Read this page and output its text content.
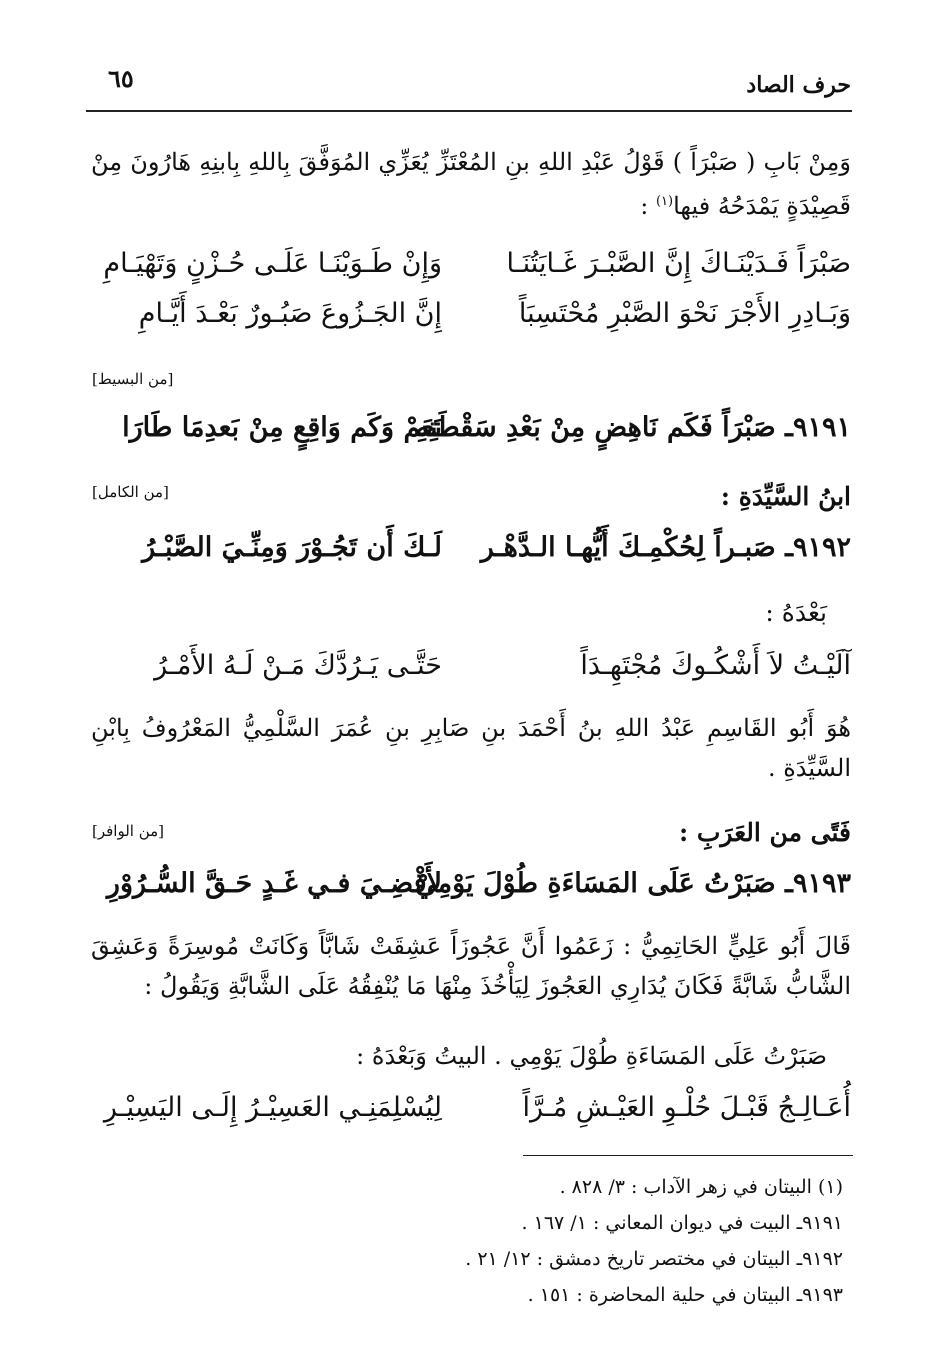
حرف الصاد
٦٥
وَمِنْ بَابِ ( صَبْرَاً ) قَوْلُ عَبْدِ اللهِ بنِ المُعْتَزِّ يُعَزِّي المُوَفَّقَ بِاللهِ بِابنِهِ هَارُونَ مِنْ قَصِيْدَةٍ يَمْدَحُهُ فيها$^{(١)}$ :
صَبْرَاً فَـدَيْنَـاكَ إِنَّ الصَّبْـرَ غَـايَتُنَـا
وَإِنْ طَـوَيْنَـا عَلَـى حُـزْنٍ وَتَهْيَـامِ
وَبَـادِرِ الأَجْرَ نَحْوَ الصَّبْرِ مُحْتَسِبَاً
إِنَّ الجَـزُوعَ صَبُـورٌ بَعْـدَ أَيَّـامِ
[من البسيط]
٩١٩١ـ صَبْرَاً فَكَم نَاهِضٍ مِنْ بَعْدِ سَقْطَتِهِ
نَعَمْ وَكَم وَاقِعٍ مِنْ بَعدِمَا طَارَا
ابنُ السَّيِّدَةِ :
[من الكامل]
٩١٩٢ـ صَبـراً لِحُكْمِـكَ أَيُّهـا الـدَّهْـر
لَـكَ أَن تَجُـوْرَ وَمِنِّـيَ الصَّبْـرُ
بَعْدَهُ :
آلَيْـتُ لاَ أَشْكُـوكَ مُجْتَهِـدَاً
حَتَّـى يَـرُدَّكَ مَـنْ لَـهُ الأَمْـرُ
هُوَ أَبُو القَاسِمِ عَبْدُ اللهِ بنُ أَحْمَدَ بنِ صَابِرِ بنِ عُمَرَ السَّلْمِيُّ المَعْرُوفُ بِابْنِ السَّيِّدَةِ .
فَتًى من العَرَبِ :
[من الوافر]
٩١٩٣ـ صَبَرْتُ عَلَى المَسَاءَةِ طُوْلَ يَوْمِيْ
لأَقْضِـيَ فـي غَـدٍ حَـقَّ السُّـرُوْرِ
قَالَ أَبُو عَلِيٍّ الحَاتِمِيُّ : زَعَمُوا أَنَّ عَجُوزَاً عَشِقَتْ شَابَّاً وَكَانَتْ مُوسِرَةً وَعَشِقَ الشَّابُّ شَابَّةً فَكَانَ يُدَارِي العَجُوزَ لِيَأْخُذَ مِنْهَا مَا يُنْفِقُهُ عَلَى الشَّابَّةِ وَيَقُولُ :
صَبَرْتُ عَلَى المَسَاءَةِ طُوْلَ يَوْمِي . البيتُ وَبَعْدَهُ :
أُعَـالِـجُ قَبْـلَ حُلْـوِ العَيْـشِ مُـرَّاً
لِيُسْلِمَنِـي العَسِيْـرُ إِلَـى اليَسِيْـرِ
(١) البيتان في زهر الآداب : ٣/ ٨٢٨ .
٩١٩١ـ البيت في ديوان المعاني : ١/ ١٦٧ .
٩١٩٢ـ البيتان في مختصر تاريخ دمشق : ١٢/ ٢١ .
٩١٩٣ـ البيتان في حلية المحاضرة : ١٥١ .
